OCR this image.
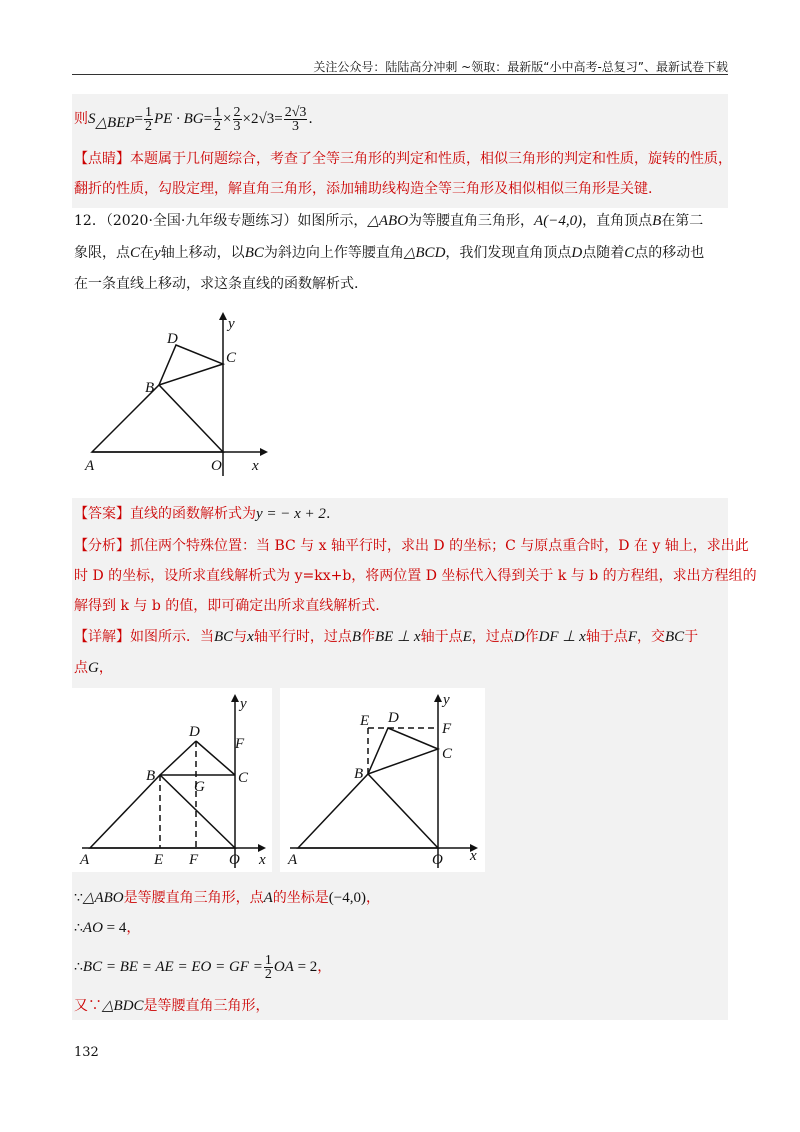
关注公众号：陆陆高分冲刺 ~领取：最新版“小中高考-总复习”、最新试卷下载
则$S_{\triangle BEP}= \frac{1}{2}$ PE · $BG= \frac{1}{2} \times \frac{2}{3} \times 2√3= \frac{2√3}{3}$ .
【点睛】本题属于几何题综合，考查了全等三角形的判定和性质，相似三角形的判定和性质，旋转的性质，
翻折的性质，勾股定理，解直角三角形，添加辅助线构造全等三角形及相似相似三角形是关键.
12．（2020·全国·九年级专题练习）如图所示，△ABO为等腰直角三角形，A(−4,0)，直角顶点B在第二
象限，点C在y轴上移动，以BC为斜边向上作等腰直角△BCD，我们发现直角顶点D点随着C点的移动也
在一条直线上移动，求这条直线的函数解析式.
y
D
C
B
A	O x
【答案】直线的函数解析式为y = − x + 2.
【分析】抓住两个特殊位置：当 BC 与 x 轴平行时，求出 D 的坐标；C 与原点重合时，D 在 y 轴上，求出此
时 D 的坐标，设所求直线解析式为 y=kx+b，将两位置 D 坐标代入得到关于 k 与 b 的方程组，求出方程组的
解得到 k 与 b 的值，即可确定出所求直线解析式.
【详解】如图所示．当BC与x轴平行时，过点B作BE ⊥ x轴于点E，过点D作DF ⊥ x轴于点F，交BC于
点G，
y
D
F
B
G
C
A	E F O x
y
E D
F
B
C
A	O x
∵△ABO是等腰直角三角形，点A的坐标是(−4,0)，
∴AO = 4，
∴BC = BE = AE = EO = GF = $\frac{1}{2}$ OA = 2，
又∵△BDC是等腰直角三角形，
132
